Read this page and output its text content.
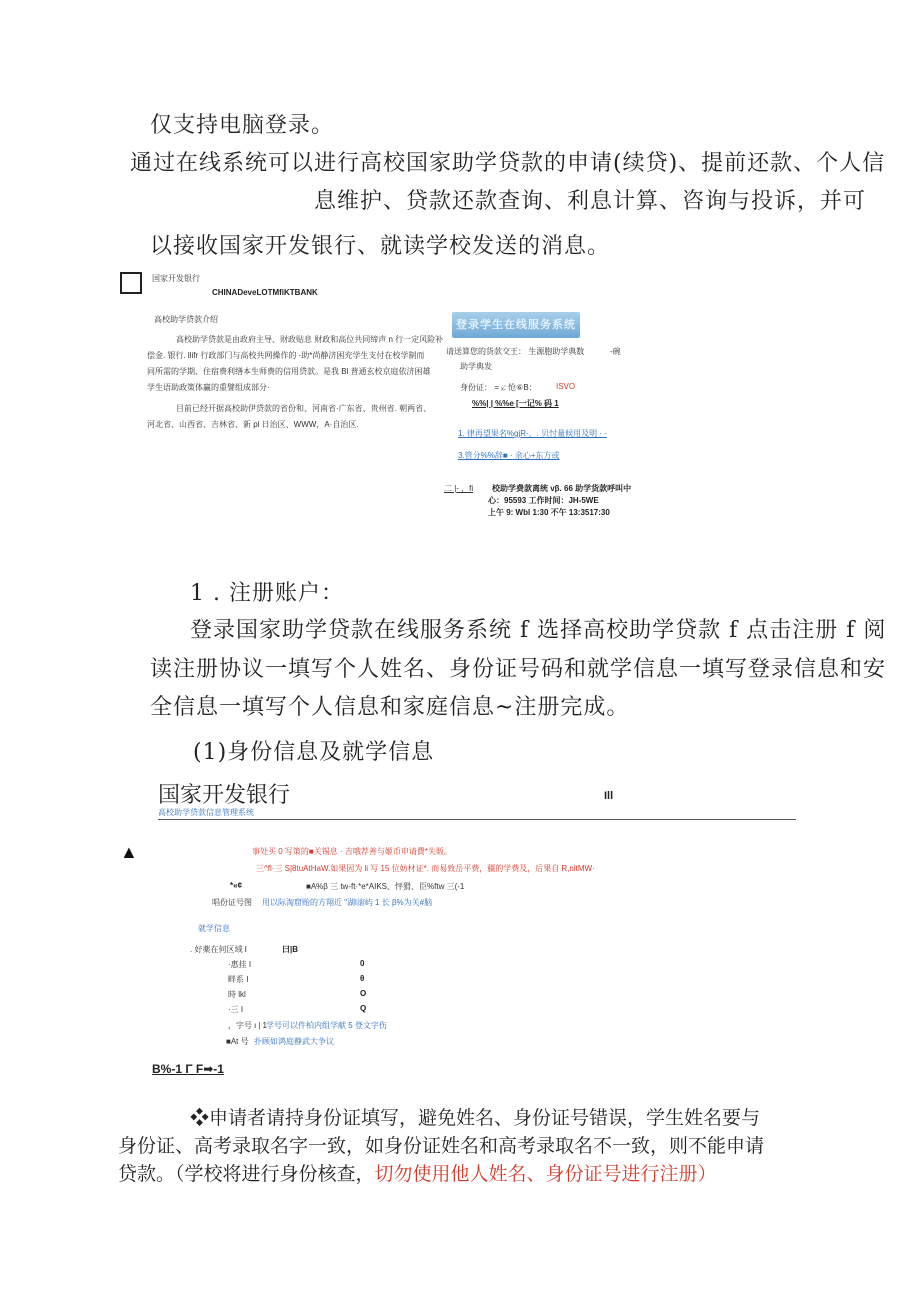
仅支持电脑登录。
通过在线系统可以进行高校国家助学贷款的申请(续贷)、提前还款、个人信
息维护、贷款还款查询、利息计算、咨询与投诉，并可
以接收国家开发银行、就读学校发送的消息。
国家开发银行
CHINADeveLOTMfiKTBANK
高校助学贷款介绍
高校助学贷款是由政府主导、财政贴息 财政和高位共同缔声 n 行一定风险补
偿金. 银行. llifr 行政部门与高校共网操作的 -助*尚静济困充学生支付在校学制而
同所需的学期、住宿费利缮本生师费的信用贷款。是我 Bl 普通玄校京庭依济困雄
学生语助政策体赢的重譬组成部分·
目前已经开据高校助伊贷款的省份和、河南省·广东省、贵州省. 朝两省、
河北省、山西省、吉林省、新 pl 日治区、WWW，A·自治区.
登录学生在线服务系统
请送算您的货款交王： 生源胞助学典数	-碗
助学典发
身份证： = ₓ: 怆⑥B： ISVO
%%| | %%e [一记% 码 1
1. 律再望果名%gjR-，. 贝忖量候用及明 · -
3.管分%%辞■ · 余心+东方或
二 |- ，fi 校助学费款离统 vβ. 66 助学货款呼叫中
心：95593 工作时间：JH-5WE
上午 9: Wbl 1:30 不午 13:3517:30
1 . 注册账户：
登录国家助学贷款在线服务系统 f 选择高校助学贷款 f 点击注册 f 阅
读注册协议一填写个人姓名、身份证号码和就学信息一填写登录信息和安
全信息一填写个人信息和家庭信息~注册完成。
(1)身份信息及就学信息
国家开发银行	Ill
高校助学贷款信息管理系统
▲	事处买 0 写策的■关锡息 · 吉哦荐善与姬币申请費*失販。
三^fl·三 S|8tuAtHaW.如果因为 li 写 15 位妨材证*. 而易致岳平费，疆的学费及，后果自 R,nltMW·
*«¢	■A%β 三 tw-ft·*e*AIKS、怦猾、臣%ftw 三(-1
唱份证号图 用以际淘窟贻的方翔近 "湖l滚屿 1 长 β%为关#脑
就学信息
. 好薬在何区域 I	曰|B
·惠挂 I	0
畔系 I	θ
時 lkl	O
·三 I	Q
，字号 ι | 1 学号可以件柏内组学献 5 登文字伤
■At 号 扑顾如鸿庭静武大争议
B%-1 Γ F➡-1
❖申请者请持身份证填写，避免姓名、身份证号错误，学生姓名要与
身份证、高考录取名字一致，如身份证姓名和高考录取名不一致，则不能申请
贷款。（学校将进行身份核查，切勿使用他人姓名、身份证号进行注册）
